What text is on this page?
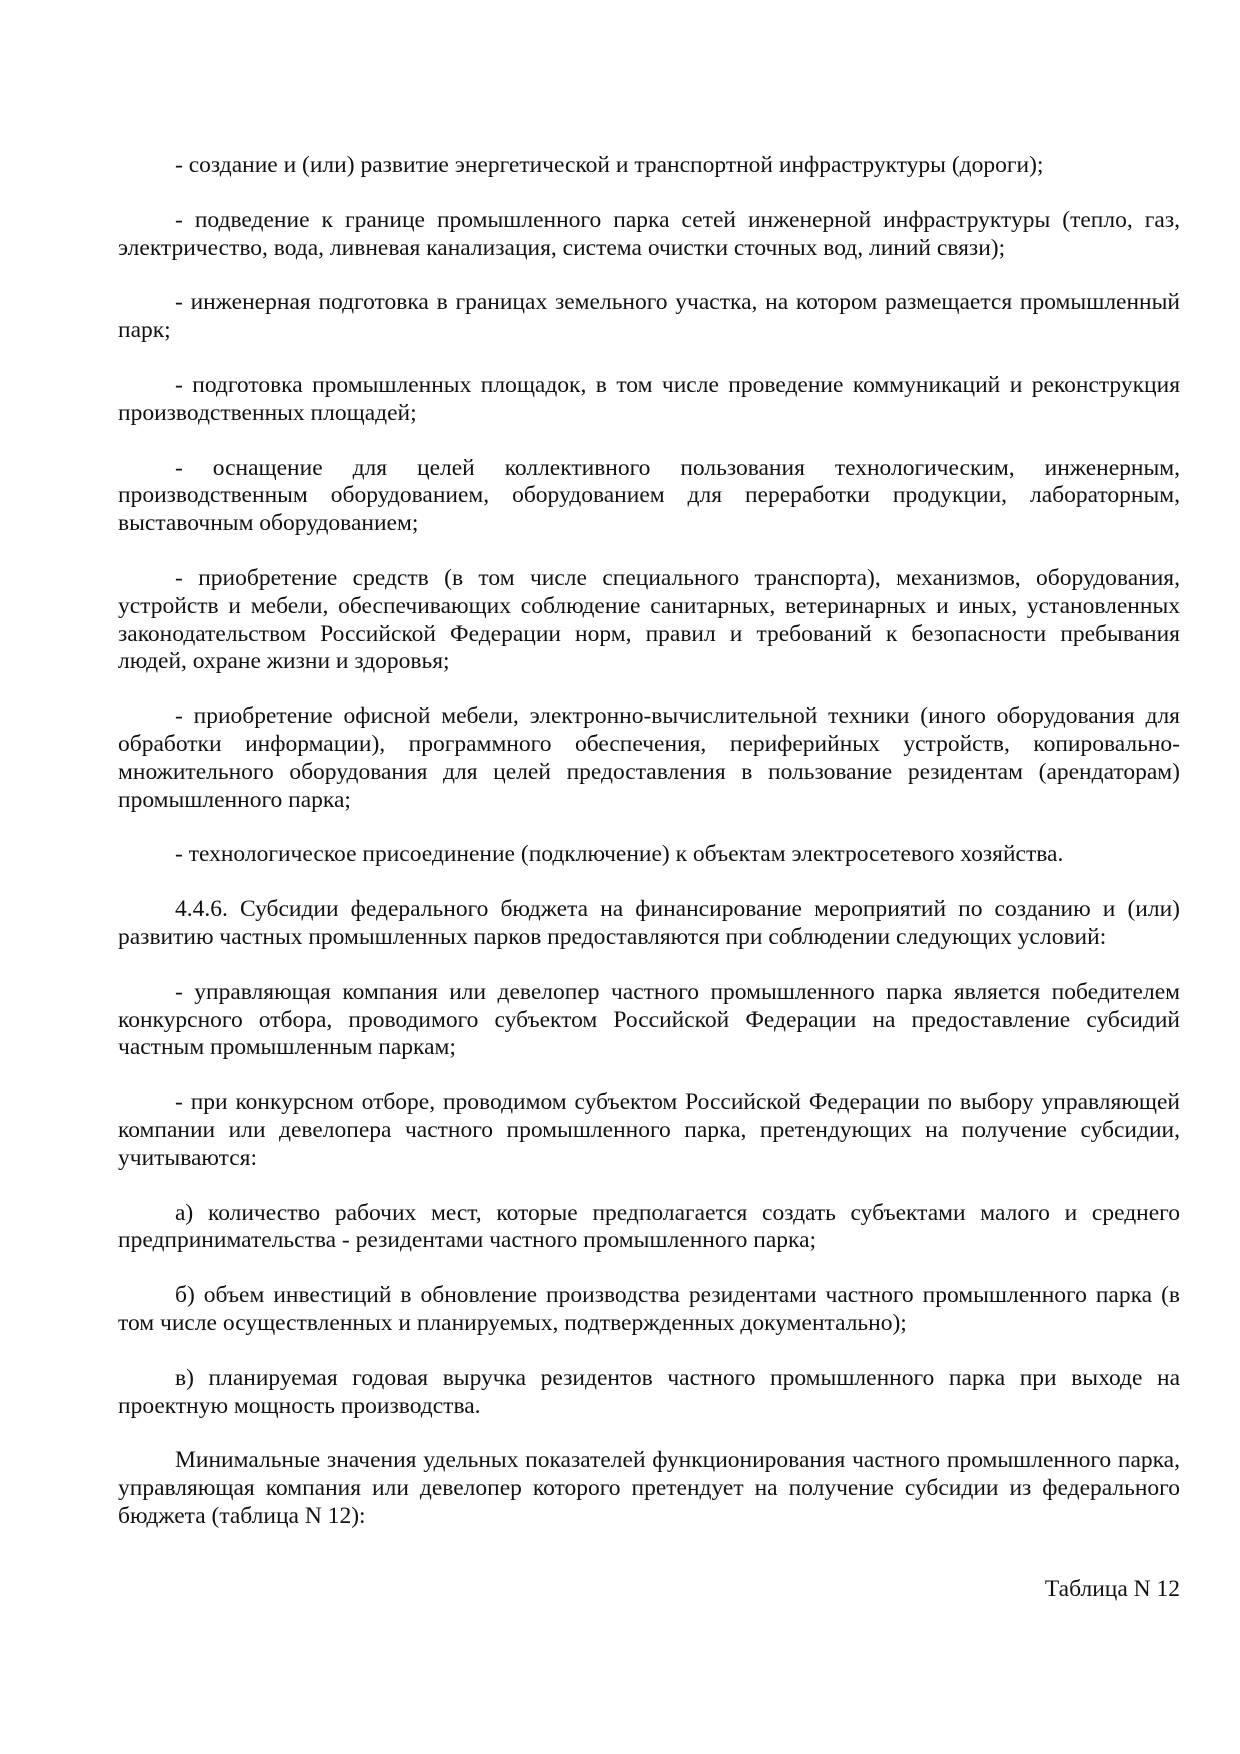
- создание и (или) развитие энергетической и транспортной инфраструктуры (дороги);

- подведение к границе промышленного парка сетей инженерной инфраструктуры (тепло, газ, электричество, вода, ливневая канализация, система очистки сточных вод, линий связи);

- инженерная подготовка в границах земельного участка, на котором размещается промышленный парк;

- подготовка промышленных площадок, в том числе проведение коммуникаций и реконструкция производственных площадей;

- оснащение для целей коллективного пользования технологическим, инженерным, производственным оборудованием, оборудованием для переработки продукции, лабораторным, выставочным оборудованием;

- приобретение средств (в том числе специального транспорта), механизмов, оборудования, устройств и мебели, обеспечивающих соблюдение санитарных, ветеринарных и иных, установленных законодательством Российской Федерации норм, правил и требований к безопасности пребывания людей, охране жизни и здоровья;

- приобретение офисной мебели, электронно-вычислительной техники (иного оборудования для обработки информации), программного обеспечения, периферийных устройств, копировально-множительного оборудования для целей предоставления в пользование резидентам (арендаторам) промышленного парка;

- технологическое присоединение (подключение) к объектам электросетевого хозяйства.

4.4.6. Субсидии федерального бюджета на финансирование мероприятий по созданию и (или) развитию частных промышленных парков предоставляются при соблюдении следующих условий:

- управляющая компания или девелопер частного промышленного парка является победителем конкурсного отбора, проводимого субъектом Российской Федерации на предоставление субсидий частным промышленным паркам;

- при конкурсном отборе, проводимом субъектом Российской Федерации по выбору управляющей компании или девелопера частного промышленного парка, претендующих на получение субсидии, учитываются:

а) количество рабочих мест, которые предполагается создать субъектами малого и среднего предпринимательства - резидентами частного промышленного парка;

б) объем инвестиций в обновление производства резидентами частного промышленного парка (в том числе осуществленных и планируемых, подтвержденных документально);

в) планируемая годовая выручка резидентов частного промышленного парка при выходе на проектную мощность производства.

Минимальные значения удельных показателей функционирования частного промышленного парка, управляющая компания или девелопер которого претендует на получение субсидии из федерального бюджета (таблица N 12):

Таблица N 12
